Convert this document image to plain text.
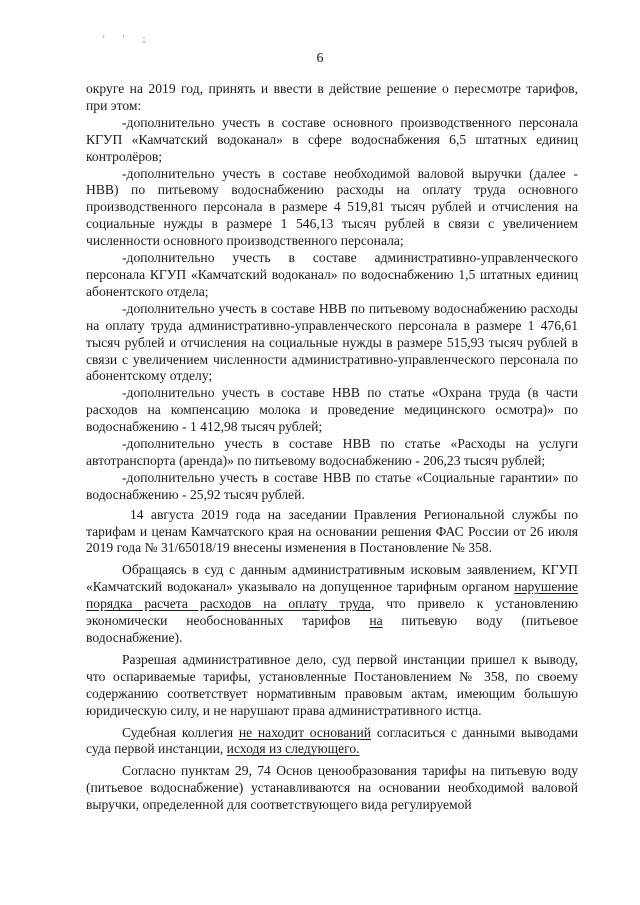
' ' ;
6

округе на 2019 год, принять и ввести в действие решение о пересмотре тарифов, при этом:

-дополнительно учесть в составе основного производственного персонала КГУП «Камчатский водоканал» в сфере водоснабжения 6,5 штатных единиц контролёров;

-дополнительно учесть в составе необходимой валовой выручки (далее - НВВ) по питьевому водоснабжению расходы на оплату труда основного производственного персонала в размере 4 519,81 тысяч рублей и отчисления на социальные нужды в размере 1 546,13 тысяч рублей в связи с увеличением численности основного производственного персонала;

-дополнительно учесть в составе административно-управленческого персонала КГУП «Камчатский водоканал» по водоснабжению 1,5 штатных единиц абонентского отдела;

-дополнительно учесть в составе НВВ по питьевому водоснабжению расходы на оплату труда административно-управленческого персонала в размере 1 476,61 тысяч рублей и отчисления на социальные нужды в размере 515,93 тысяч рублей в связи с увеличением численности административно-управленческого персонала по абонентскому отделу;

-дополнительно учесть в составе НВВ по статье «Охрана труда (в части расходов на компенсацию молока и проведение медицинского осмотра)» по водоснабжению - 1 412,98 тысяч рублей;

-дополнительно учесть в составе НВВ по статье «Расходы на услуги автотранспорта (аренда)» по питьевому водоснабжению - 206,23 тысяч рублей;

-дополнительно учесть в составе НВВ по статье «Социальные гарантии» по водоснабжению - 25,92 тысяч рублей.

14 августа 2019 года на заседании Правления Региональной службы по тарифам и ценам Камчатского края на основании решения ФАС России от 26 июля 2019 года № 31/65018/19 внесены изменения в Постановление № 358.

Обращаясь в суд с данным административным исковым заявлением, КГУП «Камчатский водоканал» указывало на допущенное тарифным органом нарушение порядка расчета расходов на оплату труда, что привело к установлению экономически необоснованных тарифов на питьевую воду (питьевое водоснабжение).

Разрешая административное дело, суд первой инстанции пришел к выводу, что оспариваемые тарифы, установленные Постановлением № 358, по своему содержанию соответствует нормативным правовым актам, имеющим большую юридическую силу, и не нарушают права административного истца.

Судебная коллегия не находит оснований согласиться с данными выводами суда первой инстанции, исходя из следующего.

Согласно пунктам 29, 74 Основ ценообразования тарифы на питьевую воду (питьевое водоснабжение) устанавливаются на основании необходимой валовой выручки, определенной для соответствующего вида регулируемой
